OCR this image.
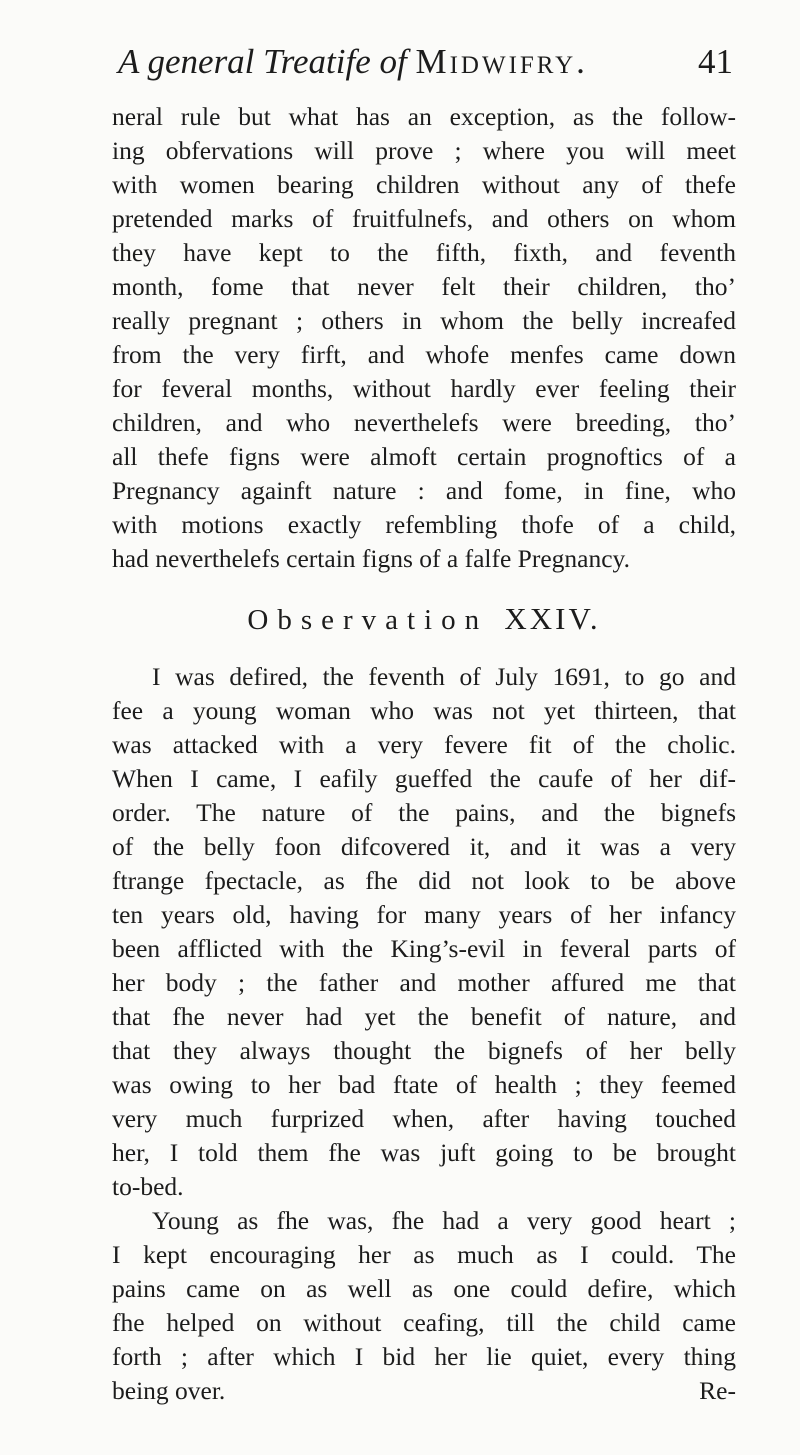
A general Treatife of Midwifry.	41
neral rule but what has an exception, as the follow-
ing obfervations will prove ; where you will meet
with women bearing children without any of thefe
pretended marks of fruitfulnefs, and others on whom
they have kept to the fifth, fixth, and feventh
month, fome that never felt their children, tho’
really pregnant ; others in whom the belly increafed
from the very firft, and whofe menfes came down
for feveral months, without hardly ever feeling their
children, and who neverthelefs were breeding, tho’
all thefe figns were almoft certain prognoftics of a
Pregnancy againft nature : and fome, in fine, who
with motions exactly refembling thofe of a child,
had neverthelefs certain figns of a falfe Pregnancy.
Observation XXIV.
I was defired, the feventh of July 1691, to go and
fee a young woman who was not yet thirteen, that
was attacked with a very fevere fit of the cholic.
When I came, I eafily gueffed the caufe of her dif-
order. The nature of the pains, and the bignefs
of the belly foon difcovered it, and it was a very
ftrange fpectacle, as fhe did not look to be above
ten years old, having for many years of her infancy
been afflicted with the King’s-evil in feveral parts of
her body ; the father and mother affured me that
that fhe never had yet the benefit of nature, and
that they always thought the bignefs of her belly
was owing to her bad ftate of health ; they feemed
very much furprized when, after having touched
her, I told them fhe was juft going to be brought
to-bed.
Young as fhe was, fhe had a very good heart ;
I kept encouraging her as much as I could. The
pains came on as well as one could defire, which
fhe helped on without ceafing, till the child came
forth ; after which I bid her lie quiet, every thing
being over.	Re-
